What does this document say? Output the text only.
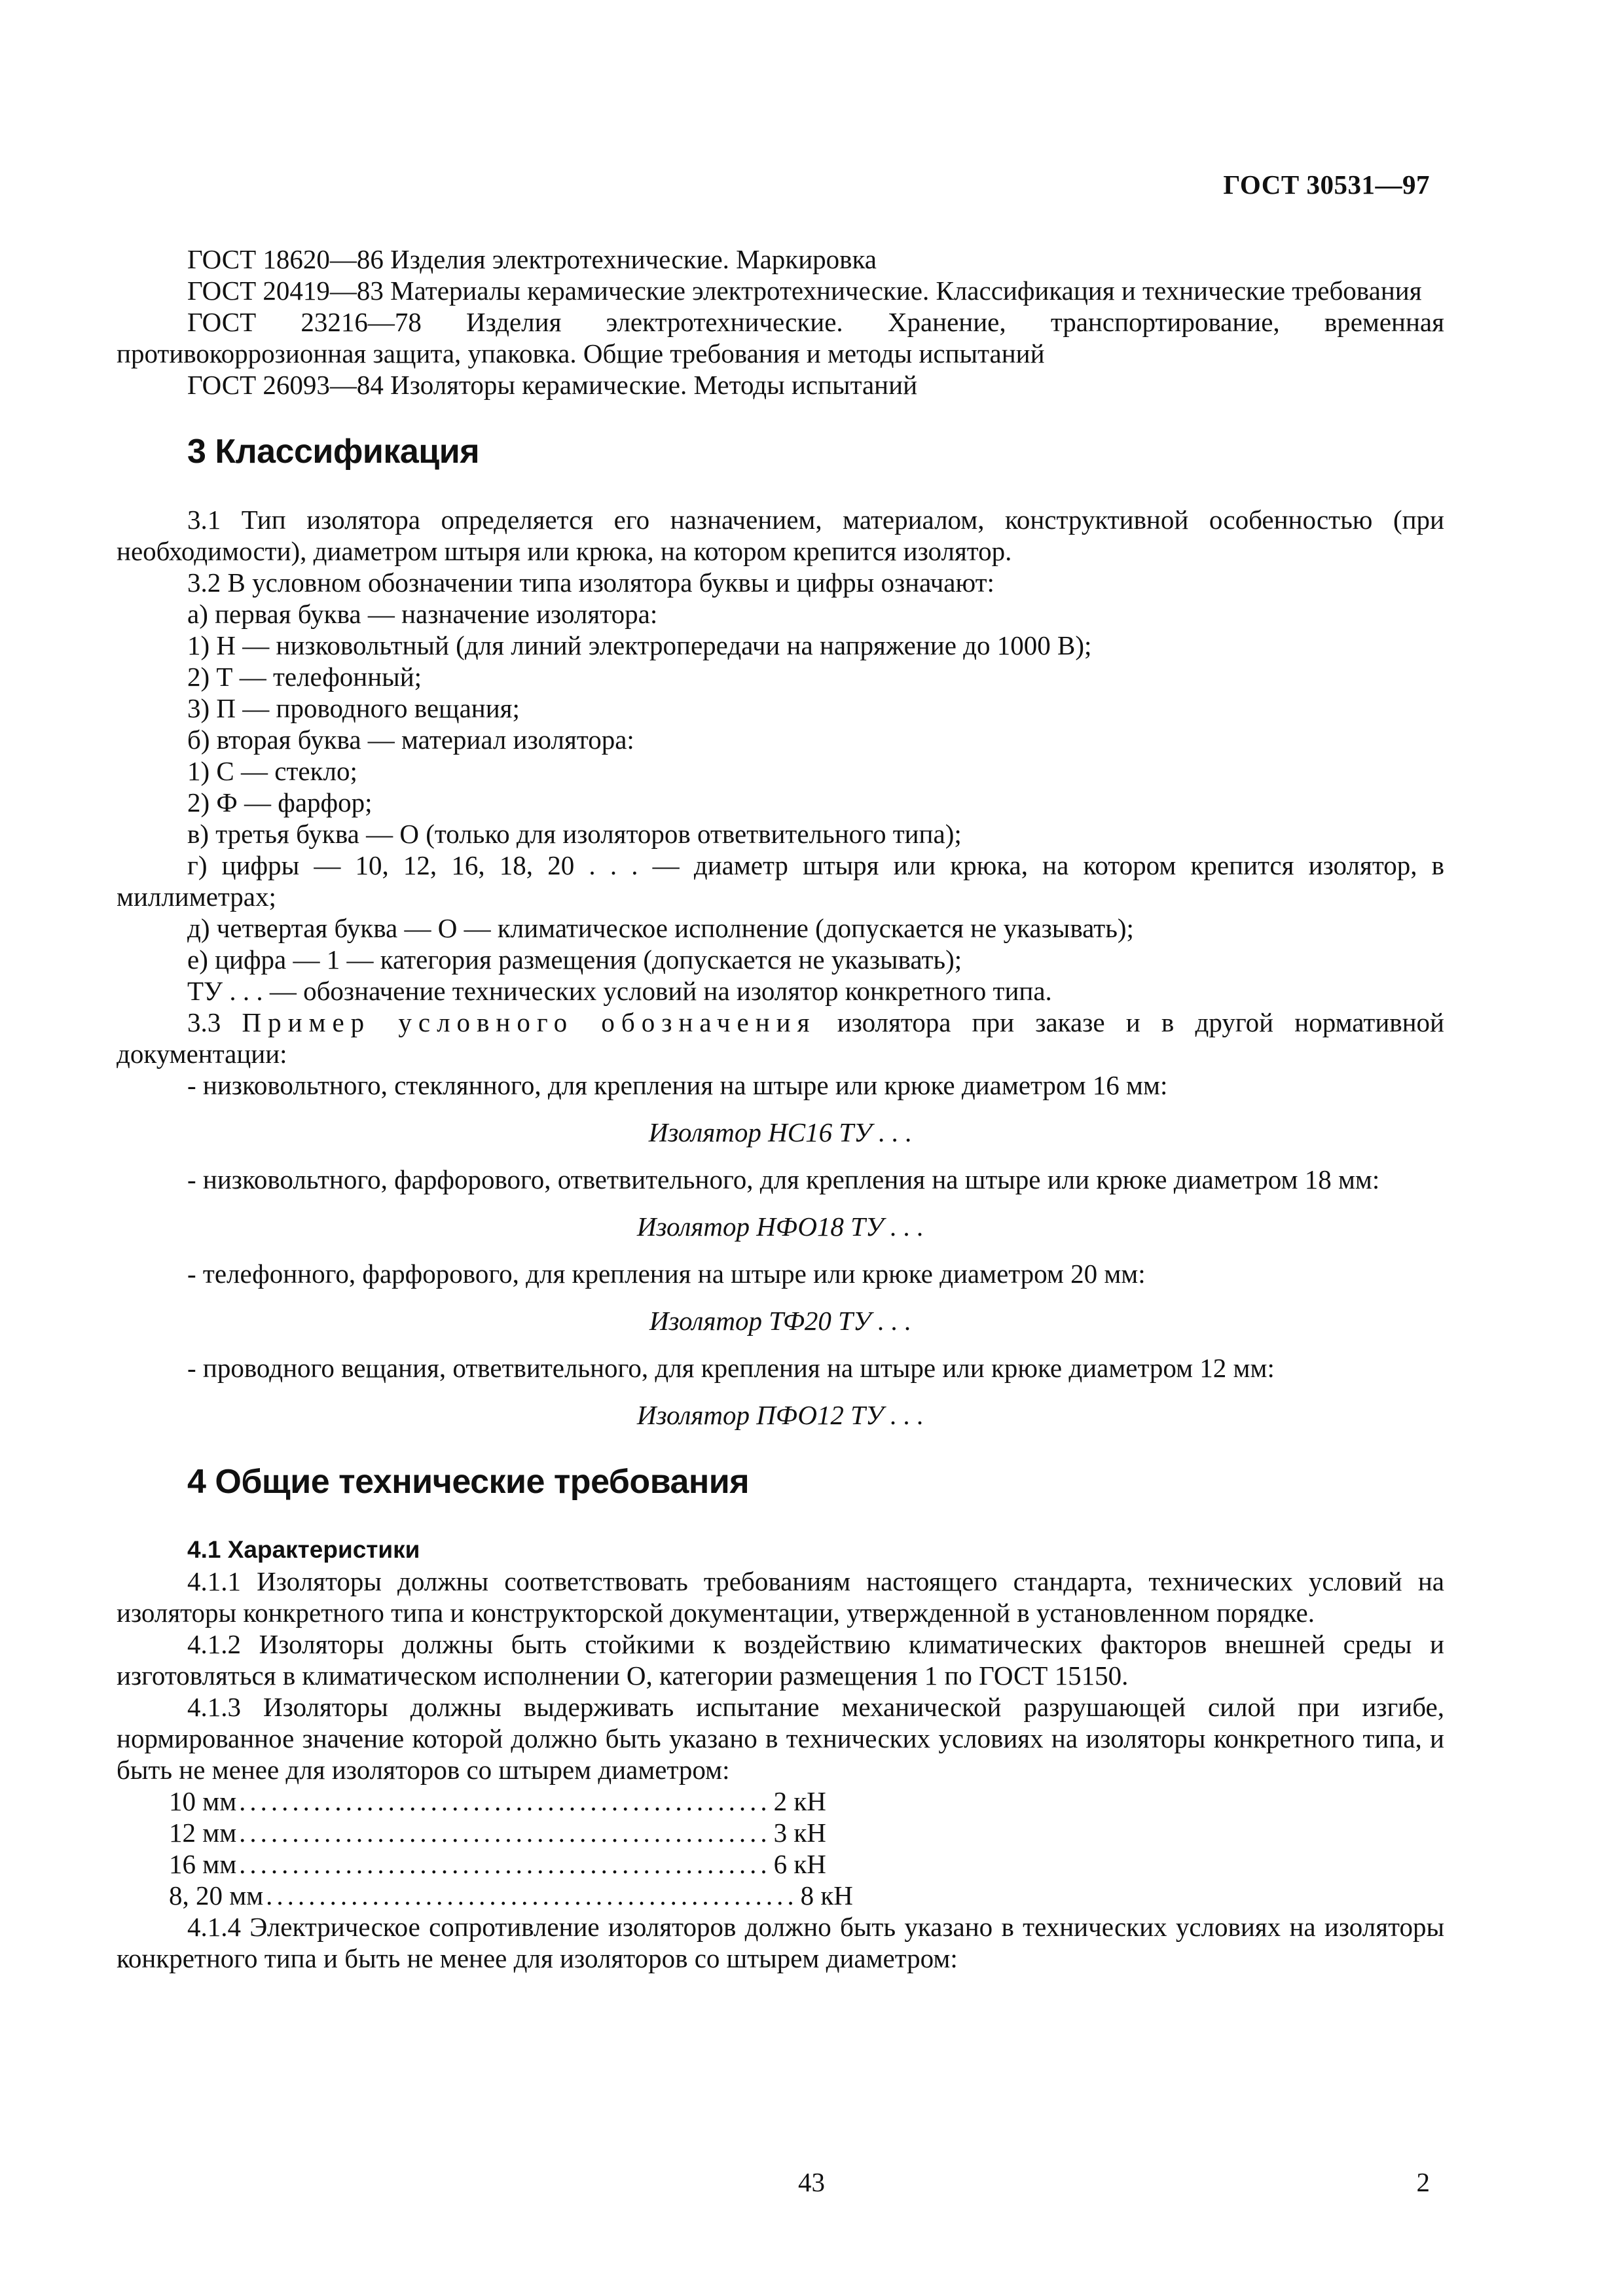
ГОСТ 30531—97

ГОСТ 18620—86 Изделия электротехнические. Маркировка

ГОСТ 20419—83 Материалы керамические электротехнические. Классификация и технические требования

ГОСТ 23216—78 Изделия электротехнические. Хранение, транспортирование, временная противокоррозионная защита, упаковка. Общие требования и методы испытаний

ГОСТ 26093—84 Изоляторы керамические. Методы испытаний

3 Классификация

3.1 Тип изолятора определяется его назначением, материалом, конструктивной особенностью (при необходимости), диаметром штыря или крюка, на котором крепится изолятор.

3.2 В условном обозначении типа изолятора буквы и цифры означают:

а) первая буква — назначение изолятора:

1) Н — низковольтный (для линий электропередачи на напряжение до 1000 В);

2) Т — телефонный;

3) П — проводного вещания;

б) вторая буква — материал изолятора:

1) С — стекло;

2) Ф — фарфор;

в) третья буква — О (только для изоляторов ответвительного типа);

г) цифры — 10, 12, 16, 18, 20 . . . — диаметр штыря или крюка, на котором крепится изолятор, в миллиметрах;

д) четвертая буква — О — климатическое исполнение (допускается не указывать);

е) цифра — 1 — категория размещения (допускается не указывать);

ТУ . . . — обозначение технических условий на изолятор конкретного типа.

3.3 Пример условного обозначения изолятора при заказе и в другой нормативной документации:

- низковольтного, стеклянного, для крепления на штыре или крюке диаметром 16 мм:

Изолятор НС16 ТУ . . .

- низковольтного, фарфорового, ответвительного, для крепления на штыре или крюке диаметром 18 мм:

Изолятор НФО18 ТУ . . .

- телефонного, фарфорового, для крепления на штыре или крюке диаметром 20 мм:

Изолятор ТФ20 ТУ . . .

- проводного вещания, ответвительного, для крепления на штыре или крюке диаметром 12 мм:

Изолятор ПФО12 ТУ . . .

4 Общие технические требования

4.1 Характеристики

4.1.1 Изоляторы должны соответствовать требованиям настоящего стандарта, технических условий на изоляторы конкретного типа и конструкторской документации, утвержденной в установленном порядке.

4.1.2 Изоляторы должны быть стойкими к воздействию климатических факторов внешней среды и изготовляться в климатическом исполнении О, категории размещения 1 по ГОСТ 15150.

4.1.3 Изоляторы должны выдерживать испытание механической разрушающей силой при изгибе, нормированное значение которой должно быть указано в технических условиях на изоляторы конкретного типа, и быть не менее для изоляторов со штырем диаметром:

10 мм .................................................. 2 кН
12 мм .................................................. 3 кН
16 мм .................................................. 6 кН
8, 20 мм .................................................. 8 кН

4.1.4 Электрическое сопротивление изоляторов должно быть указано в технических условиях на изоляторы конкретного типа и быть не менее для изоляторов со штырем диаметром:

43	2
